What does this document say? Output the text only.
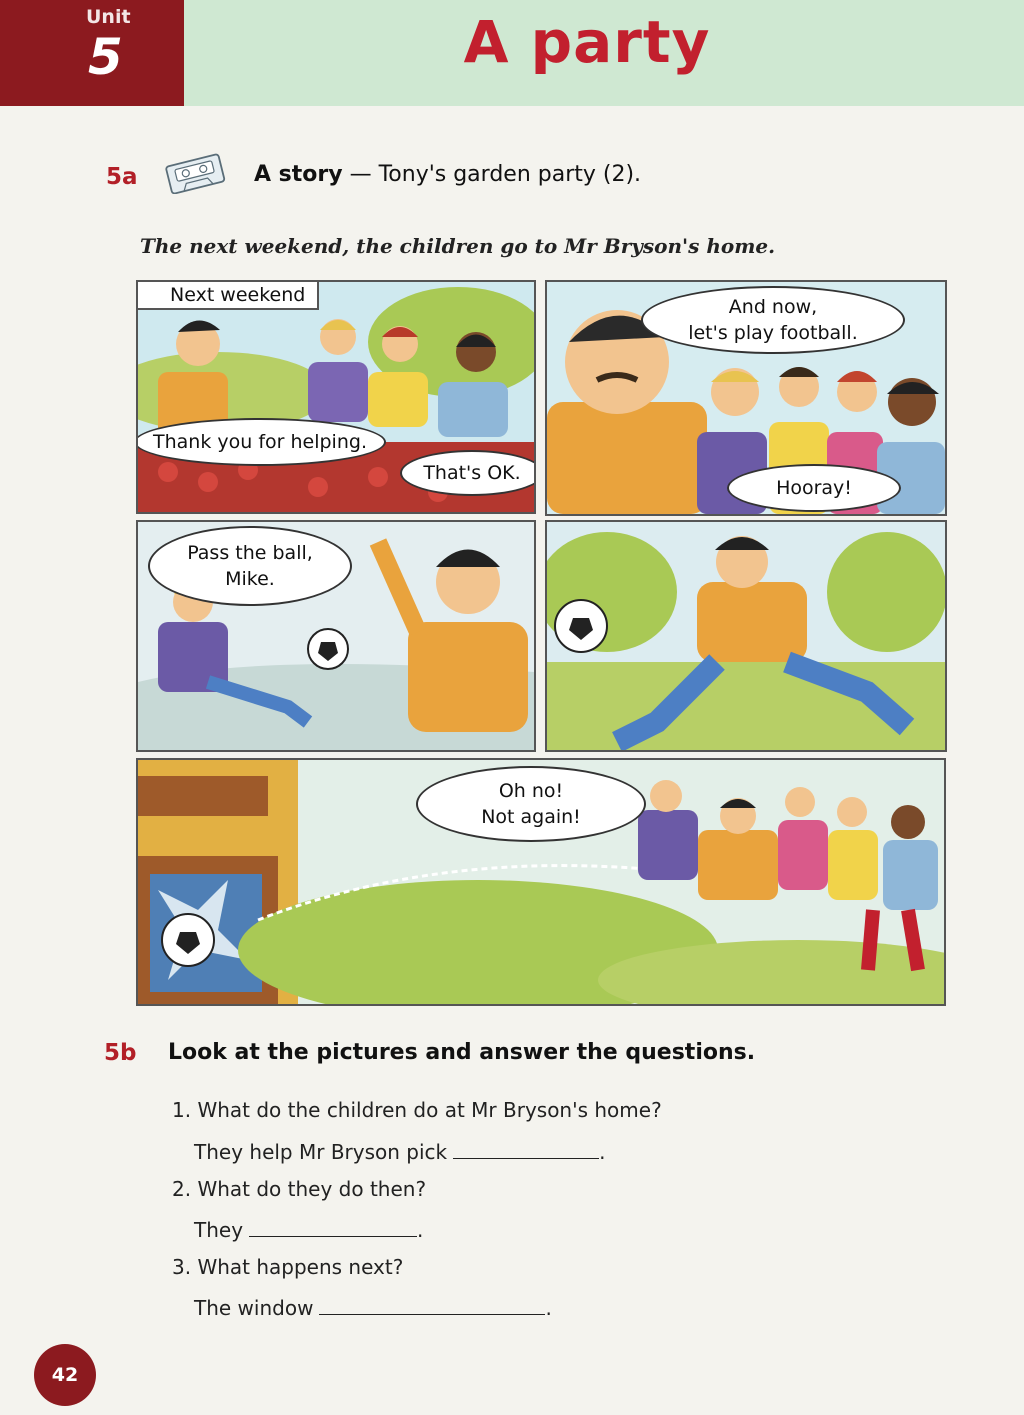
Unit
5	A party
5a	A story — Tony's garden party (2).
The next weekend, the children go to Mr Bryson's home.
Next weekend
Thank you for helping.
That's OK.
And now,
let's play football.
Hooray!
Pass the ball,
Mike.
Oh no!
Not again!
5b Look at the pictures and answer the questions.
1. What do the children do at Mr Bryson's home?
They help Mr Bryson pick	.
2. What do they do then?
They	.
3. What happens next?
The window	.
42
